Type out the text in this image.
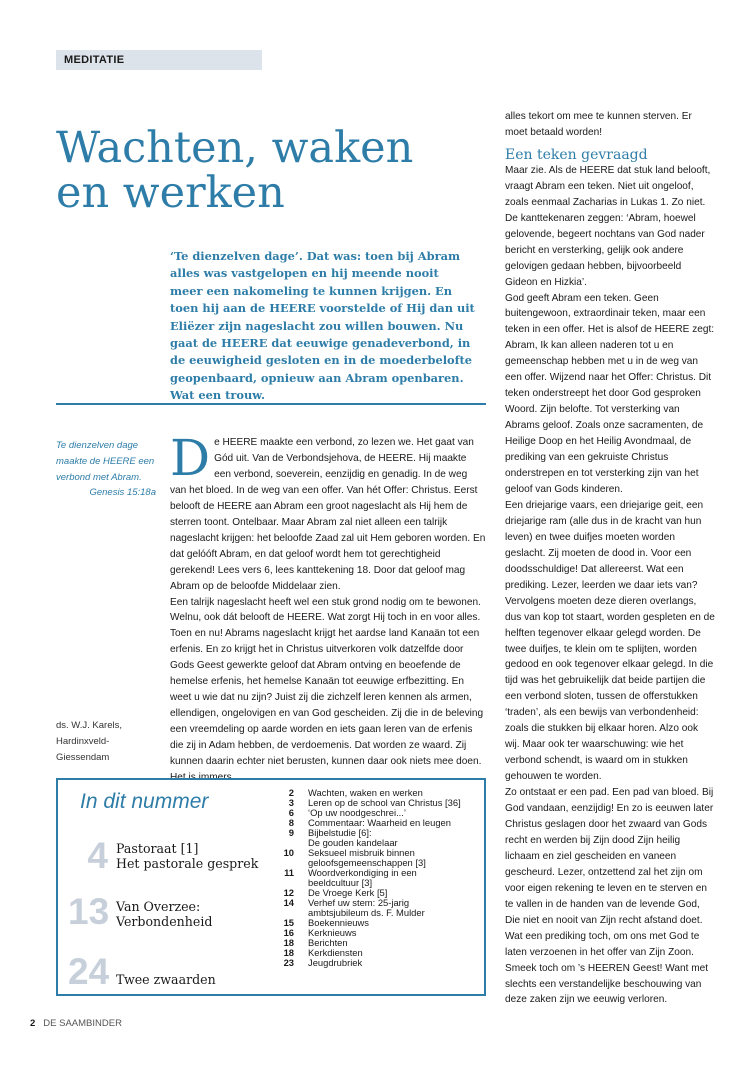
MEDITATIE
Wachten, waken
en werken

‘Te dienzelven dage’. Dat was: toen bij Abram alles was vastgelopen en hij meende nooit meer een nakomeling te kunnen krijgen. En toen hij aan de HEERE voorstelde of Hij dan uit Eliëzer zijn nageslacht zou willen bouwen. Nu gaat de HEERE dat eeuwige genadeverbond, in de eeuwigheid gesloten en in de moederbelofte geopenbaard, opnieuw aan Abram openbaren. Wat een trouw.

Te dienzelven dage maakte de HEERE een verbond met Abram.
Genesis 15:18a
ds. W.J. Karels,
Hardinxveld-Giessendam
D e HEERE maakte een verbond, zo lezen we. Het gaat van Gód uit. Van de Verbondsjehova, de HEERE. Hij maakte een verbond, soeverein, eenzijdig en genadig. In de weg van het bloed. In de weg van een offer. Van hét Offer: Christus. Eerst belooft de HEERE aan Abram een groot nageslacht als Hij hem de sterren toont. Ontelbaar. Maar Abram zal niet alleen een talrijk nageslacht krijgen: het beloofde Zaad zal uit Hem geboren worden. En dat gelóóft Abram, en dat geloof wordt hem tot gerechtigheid gerekend! Lees vers 6, lees kanttekening 18. Door dat geloof mag Abram op de beloofde Middelaar zien.

Een talrijk nageslacht heeft wel een stuk grond nodig om te bewonen. Welnu, ook dát belooft de HEERE. Wat zorgt Hij toch in en voor alles. Toen en nu! Abrams nageslacht krijgt het aardse land Kanaän tot een erfenis. En zo krijgt het in Christus uitverkoren volk datzelfde door Gods Geest gewerkte geloof dat Abram ontving en beoefende de hemelse erfenis, het hemelse Kanaän tot eeuwige erfbezitting. En weet u wie dat nu zijn? Juist zij die zichzelf leren kennen als armen, ellendigen, ongelovigen en van God gescheiden. Zij die in de beleving een vreemdeling op aarde worden en iets gaan leren van de erfenis die zij in Adam hebben, de verdoemenis. Dat worden ze waard. Zij kunnen daarin echter niet berusten, kunnen daar ook niets mee doen. Het is immers

alles tekort om mee te kunnen sterven. Er moet betaald worden!

Een teken gevraagd

Maar zie. Als de HEERE dat stuk land belooft, vraagt Abram een teken. Niet uit ongeloof, zoals eenmaal Zacharias in Lukas 1. Zo niet. De kanttekenaren zeggen: ‘Abram, hoewel gelovende, begeert nochtans van God nader bericht en versterking, gelijk ook andere gelovigen gedaan hebben, bijvoorbeeld Gideon en Hizkia’.

God geeft Abram een teken. Geen buitengewoon, extraordinair teken, maar een teken in een offer. Het is alsof de HEERE zegt: Abram, Ik kan alleen naderen tot u en gemeenschap hebben met u in de weg van een offer. Wijzend naar het Offer: Christus. Dit teken onderstreept het door God gesproken Woord. Zijn belofte. Tot versterking van Abrams geloof. Zoals onze sacramenten, de Heilige Doop en het Heilig Avondmaal, de prediking van een gekruiste Christus onderstrepen en tot versterking zijn van het geloof van Gods kinderen.

Een driejarige vaars, een driejarige geit, een driejarige ram (alle dus in de kracht van hun leven) en twee duifjes moeten worden geslacht. Zij moeten de dood in. Voor een doodsschuldige! Dat allereerst. Wat een prediking. Lezer, leerden we daar iets van? Vervolgens moeten deze dieren overlangs, dus van kop tot staart, worden gespleten en de helften tegenover elkaar gelegd worden. De twee duifjes, te klein om te splijten, worden gedood en ook tegenover elkaar gelegd. In die tijd was het gebruikelijk dat beide partijen die een verbond sloten, tussen de offerstukken ‘traden’, als een bewijs van verbondenheid: zoals die stukken bij elkaar horen. Alzo ook wij. Maar ook ter waarschuwing: wie het verbond schendt, is waard om in stukken gehouwen te worden.

Zo ontstaat er een pad. Een pad van bloed. Bij God vandaan, eenzijdig! En zo is eeuwen later Christus geslagen door het zwaard van Gods recht en werden bij Zijn dood Zijn heilig lichaam en ziel gescheiden en vaneen gescheurd. Lezer, ontzettend zal het zijn om voor eigen rekening te leven en te sterven en te vallen in de handen van de levende God, Die niet en nooit van Zijn recht afstand doet. Wat een prediking toch, om ons met God te laten verzoenen in het offer van Zijn Zoon. Smeek toch om ’s HEEREN Geest! Want met slechts een verstandelijke beschouwing van deze zaken zijn we eeuwig verloren.

In dit nummer
4 Pastoraat [1]
Het pastorale gesprek
13 Van Overzee:
Verbondenheid
24 Twee zwaarden
2 Wachten, waken en werken
3 Leren op de school van Christus [36]
6 ‘Op uw noodgeschrei...’
8 Commentaar: Waarheid en leugen
9 Bijbelstudie [6]:
De gouden kandelaar
10 Seksueel misbruik binnen
geloofsgemeenschappen [3]
11 Woordverkondiging in een
beeldcultuur [3]
12 De Vroege Kerk [5]
14 Verhef uw stem: 25-jarig
ambtsjubileum ds. F. Mulder
15 Boekennieuws
16 Kerknieuws
18 Berichten
18 Kerkdiensten
23 Jeugdrubriek
2 DE SAAMBINDER
